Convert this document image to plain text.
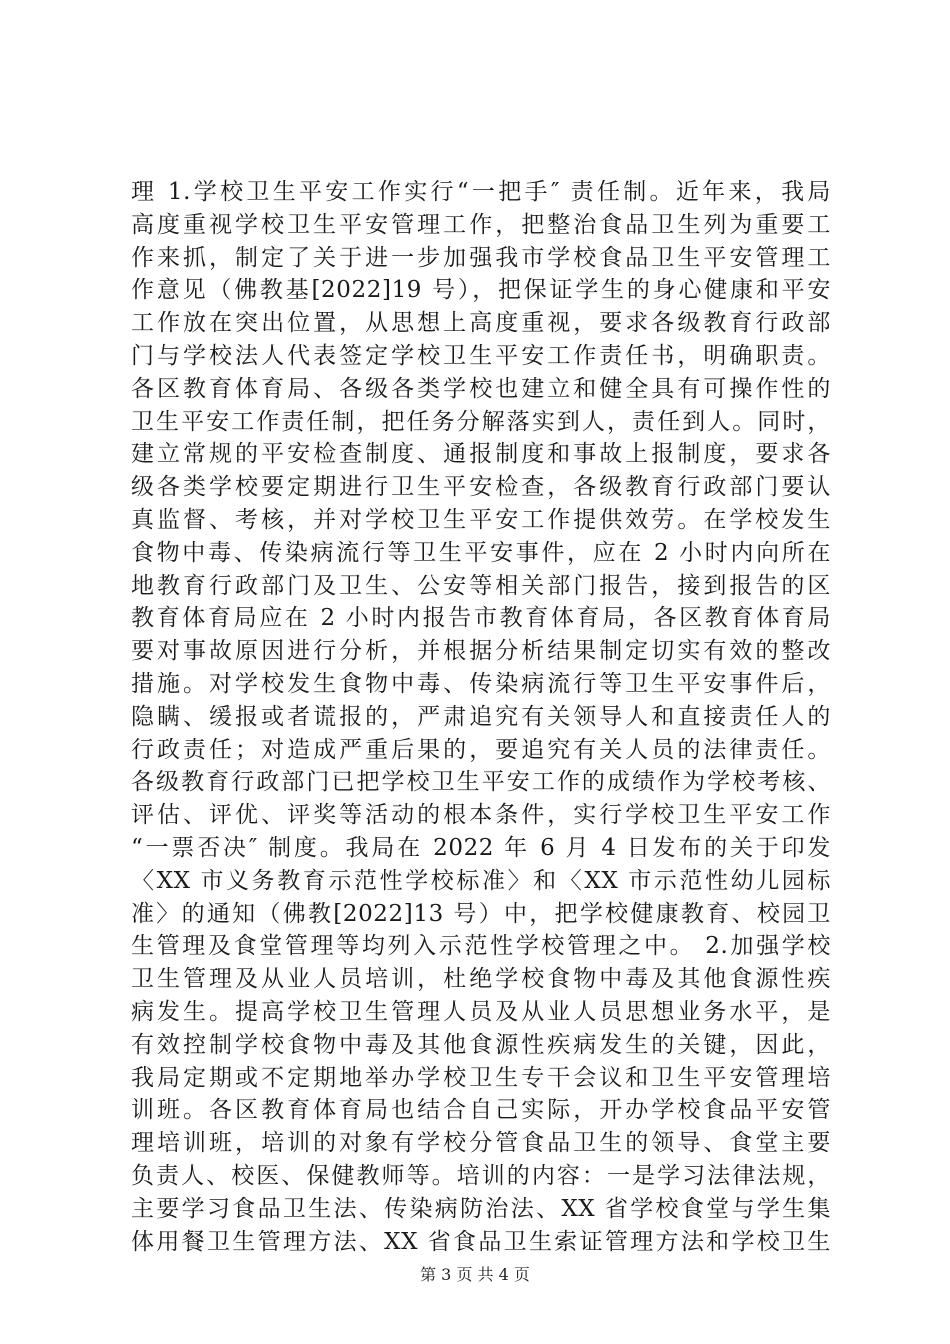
理 1.学校卫生平安工作实行“一把手″ 责任制。近年来，我局
高度重视学校卫生平安管理工作，把整治食品卫生列为重要工
作来抓，制定了关于进一步加强我市学校食品卫生平安管理工
作意见（佛教基[2022]19 号），把保证学生的身心健康和平安
工作放在突出位置，从思想上高度重视，要求各级教育行政部
门与学校法人代表签定学校卫生平安工作责任书，明确职责。
各区教育体育局、各级各类学校也建立和健全具有可操作性的
卫生平安工作责任制，把任务分解落实到人，责任到人。同时，
建立常规的平安检查制度、通报制度和事故上报制度，要求各
级各类学校要定期进行卫生平安检查，各级教育行政部门要认
真监督、考核，并对学校卫生平安工作提供效劳。在学校发生
食物中毒、传染病流行等卫生平安事件，应在 2 小时内向所在
地教育行政部门及卫生、公安等相关部门报告，接到报告的区
教育体育局应在 2 小时内报告市教育体育局，各区教育体育局
要对事故原因进行分析，并根据分析结果制定切实有效的整改
措施。对学校发生食物中毒、传染病流行等卫生平安事件后，
隐瞒、缓报或者谎报的，严肃追究有关领导人和直接责任人的
行政责任；对造成严重后果的，要追究有关人员的法律责任。
各级教育行政部门已把学校卫生平安工作的成绩作为学校考核、
评估、评优、评奖等活动的根本条件，实行学校卫生平安工作
“一票否决″ 制度。我局在 2022 年 6 月 4 日发布的关于印发
〈XX 市义务教育示范性学校标准〉和〈XX 市示范性幼儿园标
准〉的通知（佛教[2022]13 号）中，把学校健康教育、校园卫
生管理及食堂管理等均列入示范性学校管理之中。 2.加强学校
卫生管理及从业人员培训，杜绝学校食物中毒及其他食源性疾
病发生。提高学校卫生管理人员及从业人员思想业务水平，是
有效控制学校食物中毒及其他食源性疾病发生的关键，因此，
我局定期或不定期地举办学校卫生专干会议和卫生平安管理培
训班。各区教育体育局也结合自己实际，开办学校食品平安管
理培训班，培训的对象有学校分管食品卫生的领导、食堂主要
负责人、校医、保健教师等。培训的内容：一是学习法律法规，
主要学习食品卫生法、传染病防治法、XX 省学校食堂与学生集
体用餐卫生管理方法、XX 省食品卫生索证管理方法和学校卫生
第 3 页 共 4 页
